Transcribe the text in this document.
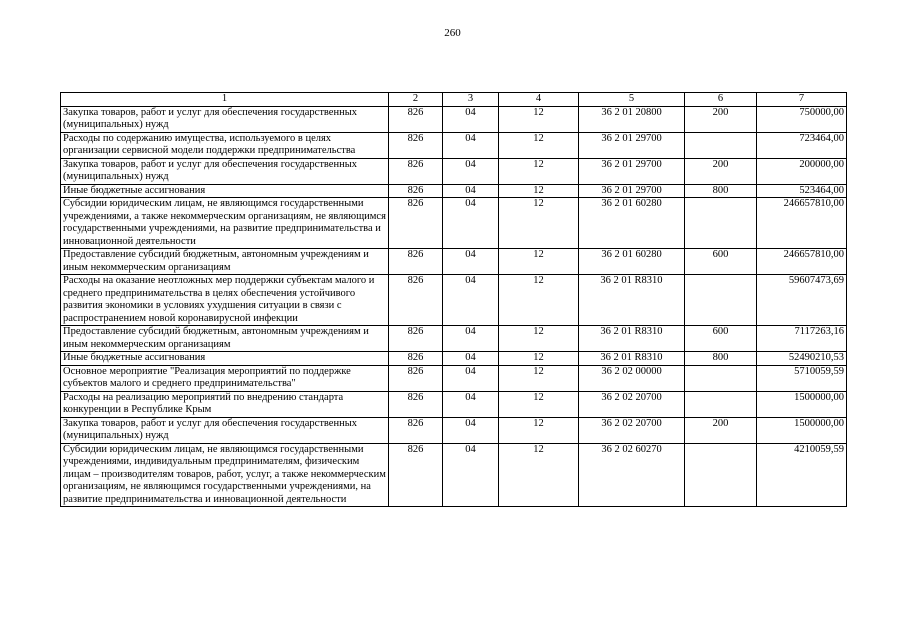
260
1	2	3	4	5	6	7
Закупка товаров, работ и услуг для обеспечения государственных (муниципальных) нужд	826	04	12	36 2 01 20800	200	750000,00
Расходы по содержанию имущества, используемого в целях организации сервисной модели поддержки предпринимательства	826	04	12	36 2 01 29700		723464,00
Закупка товаров, работ и услуг для обеспечения государственных (муниципальных) нужд	826	04	12	36 2 01 29700	200	200000,00
Иные бюджетные ассигнования	826	04	12	36 2 01 29700	800	523464,00
Субсидии юридическим лицам, не являющимся государственными учреждениями, а также некоммерческим организациям, не являющимся государственными учреждениями, на развитие предпринимательства и инновационной деятельности	826	04	12	36 2 01 60280		246657810,00
Предоставление субсидий бюджетным, автономным учреждениям и иным некоммерческим организациям	826	04	12	36 2 01 60280	600	246657810,00
Расходы на оказание неотложных мер поддержки субъектам малого и среднего предпринимательства в целях обеспечения устойчивого развития экономики в условиях ухудшения ситуации в связи с распространением новой коронавирусной инфекции	826	04	12	36 2 01 R8310		59607473,69
Предоставление субсидий бюджетным, автономным учреждениям и иным некоммерческим организациям	826	04	12	36 2 01 R8310	600	7117263,16
Иные бюджетные ассигнования	826	04	12	36 2 01 R8310	800	52490210,53
Основное мероприятие "Реализация мероприятий по поддержке субъектов малого и среднего предпринимательства"	826	04	12	36 2 02 00000		5710059,59
Расходы на реализацию мероприятий по внедрению стандарта конкуренции в Республике Крым	826	04	12	36 2 02 20700		1500000,00
Закупка товаров, работ и услуг для обеспечения государственных (муниципальных) нужд	826	04	12	36 2 02 20700	200	1500000,00
Субсидии юридическим лицам, не являющимся государственными учреждениями, индивидуальным предпринимателям, физическим лицам – производителям товаров, работ, услуг, а также некоммерческим организациям, не являющимся государственными учреждениями, на развитие предпринимательства и инновационной деятельности	826	04	12	36 2 02 60270		4210059,59
